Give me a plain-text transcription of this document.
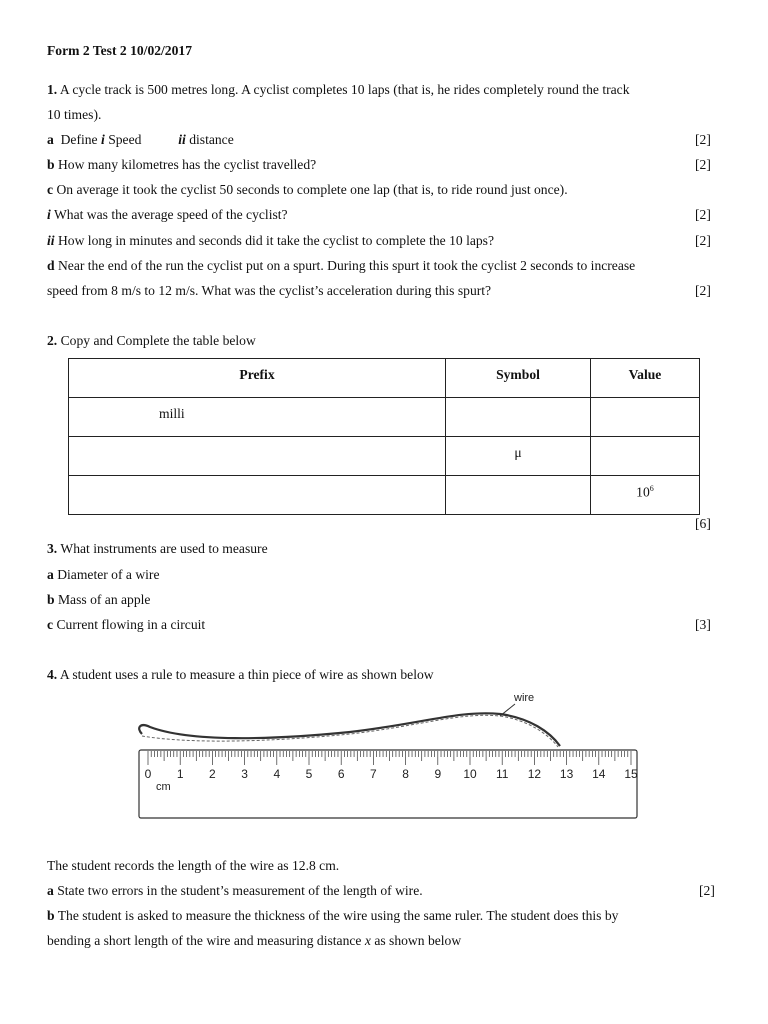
Form 2 Test 2 10/02/2017
1. A cycle track is 500 metres long. A cyclist completes 10 laps (that is, he rides completely round the track
10 times).
a Define i Speed	ii distance	[2]
b How many kilometres has the cyclist travelled?	[2]
c On average it took the cyclist 50 seconds to complete one lap (that is, to ride round just once).
i What was the average speed of the cyclist?	[2]
ii How long in minutes and seconds did it take the cyclist to complete the 10 laps?	[2]
d Near the end of the run the cyclist put on a spurt. During this spurt it took the cyclist 2 seconds to increase
speed from 8 m/s to 12 m/s. What was the cyclist’s acceleration during this spurt?	[2]
2. Copy and Complete the table below
Prefix	Symbol	Value
milli		
	μ	
		$10^6$
[6]
3. What instruments are used to measure
a Diameter of a wire
b Mass of an apple
c Current flowing in a circuit	[3]
4. A student uses a rule to measure a thin piece of wire as shown below
wire
0 1 2 3 4 5 6 7 8 9 10 11 12 13 14 15
cm
The student records the length of the wire as 12.8 cm.
a State two errors in the student’s measurement of the length of wire.	[2]
b The student is asked to measure the thickness of the wire using the same ruler. The student does this by
bending a short length of the wire and measuring distance x as shown below
